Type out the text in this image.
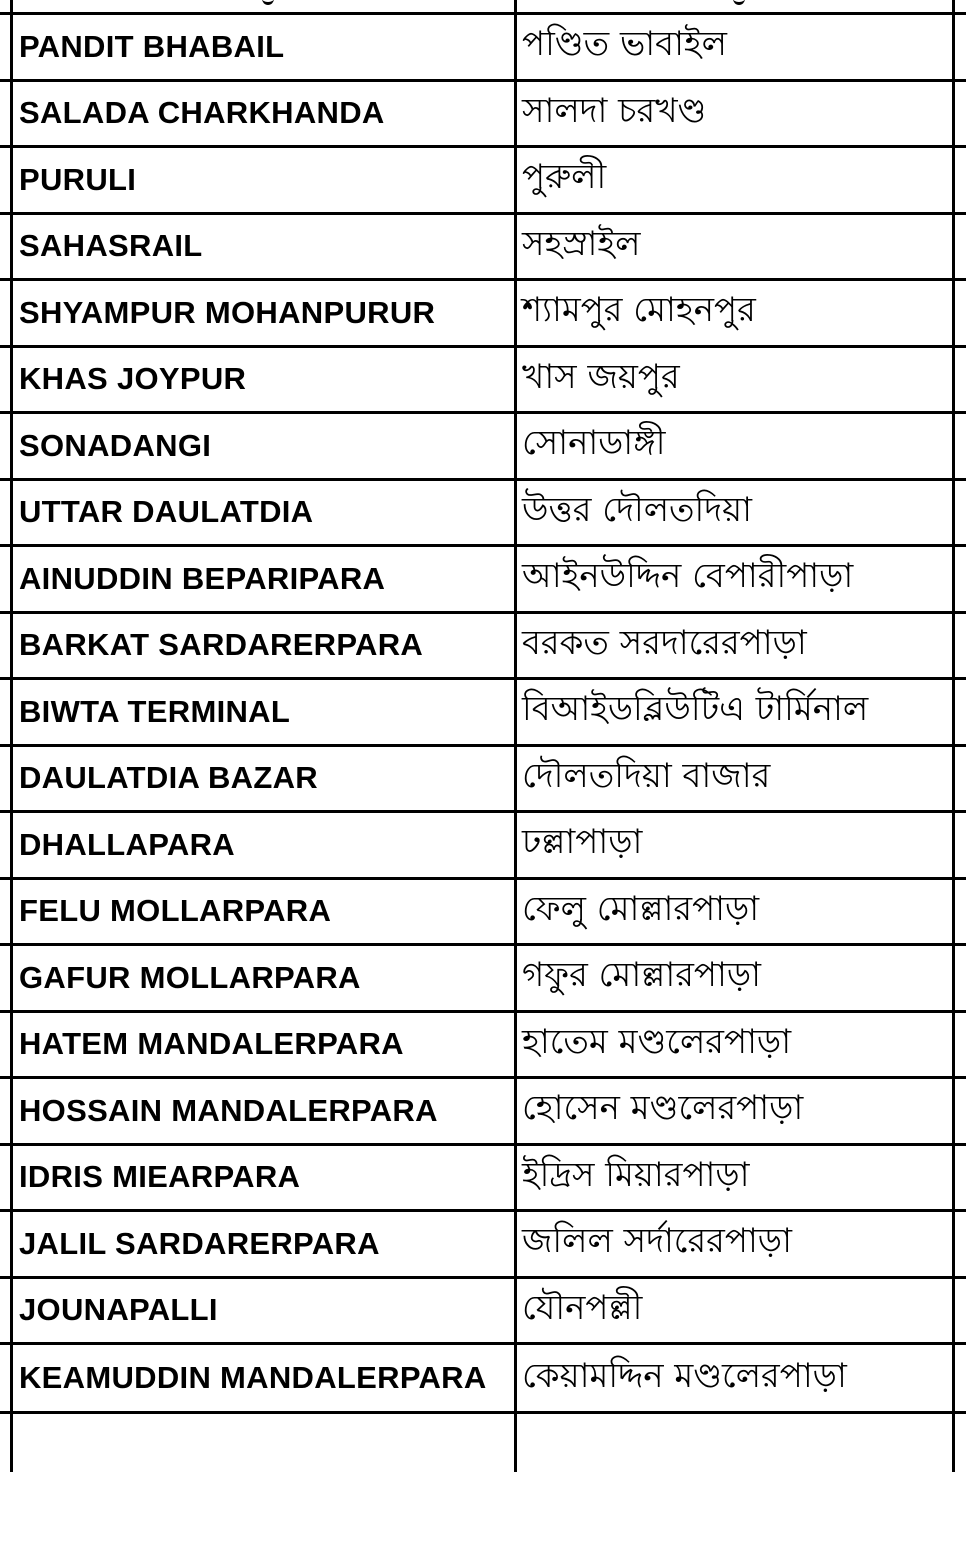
PANDIT BHABAIL	পণ্ডিত ভাবাইল
SALADA CHARKHANDA	সালদা চরখণ্ড
PURULI	পুরুলী
SAHASRAIL	সহস্রাইল
SHYAMPUR MOHANPURUR	শ্যামপুর মোহনপুর
KHAS JOYPUR	খাস জয়পুর
SONADANGI	সোনাডাঙ্গী
UTTAR DAULATDIA	উত্তর দৌলতদিয়া
AINUDDIN BEPARIPARA	আইনউদ্দিন বেপারীপাড়া
BARKAT SARDARERPARA	বরকত সরদারেরপাড়া
BIWTA TERMINAL	বিআইডব্লিউটিএ টার্মিনাল
DAULATDIA BAZAR	দৌলতদিয়া বাজার
DHALLAPARA	ঢল্লাপাড়া
FELU MOLLARPARA	ফেলু মোল্লারপাড়া
GAFUR MOLLARPARA	গফুর মোল্লারপাড়া
HATEM MANDALERPARA	হাতেম মণ্ডলেরপাড়া
HOSSAIN MANDALERPARA	হোসেন মণ্ডলেরপাড়া
IDRIS MIEARPARA	ইদ্রিস মিয়ারপাড়া
JALIL SARDARERPARA	জলিল সর্দারেরপাড়া
JOUNAPALLI	যৌনপল্লী
KEAMUDDIN MANDALERPARA	কেয়ামদ্দিন মণ্ডলেরপাড়া
